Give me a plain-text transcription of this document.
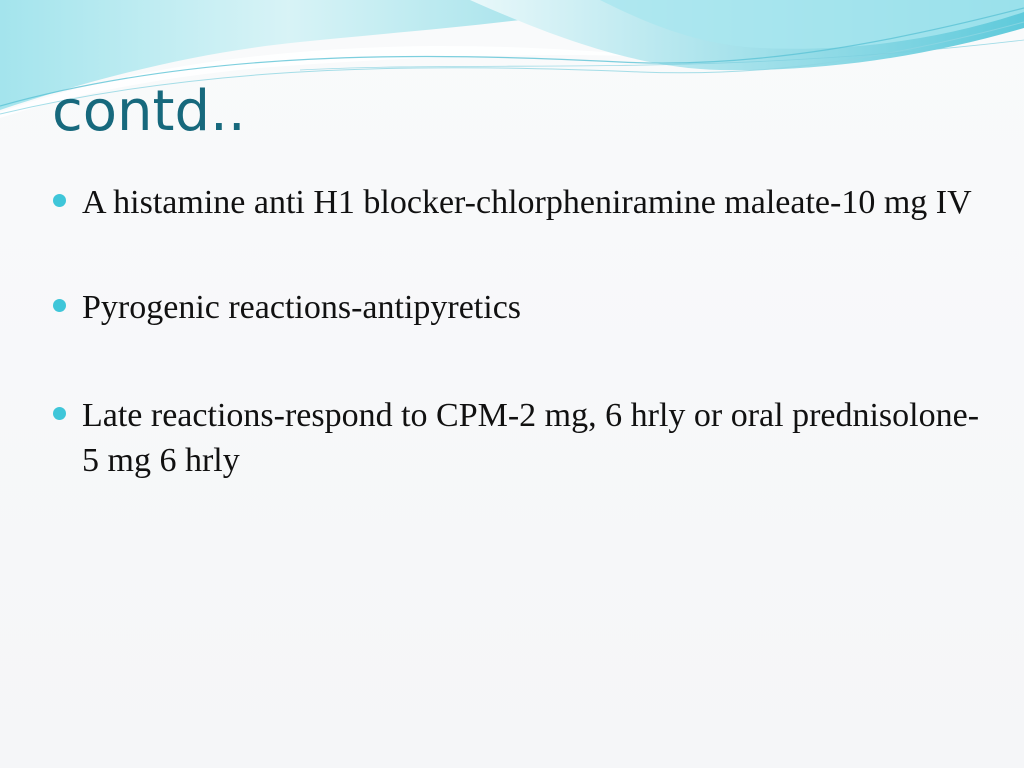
contd..
A histamine anti H1 blocker-chlorpheniramine maleate-10 mg IV
Pyrogenic reactions-antipyretics
Late reactions-respond to CPM-2 mg, 6 hrly or oral prednisolone-5 mg 6 hrly
